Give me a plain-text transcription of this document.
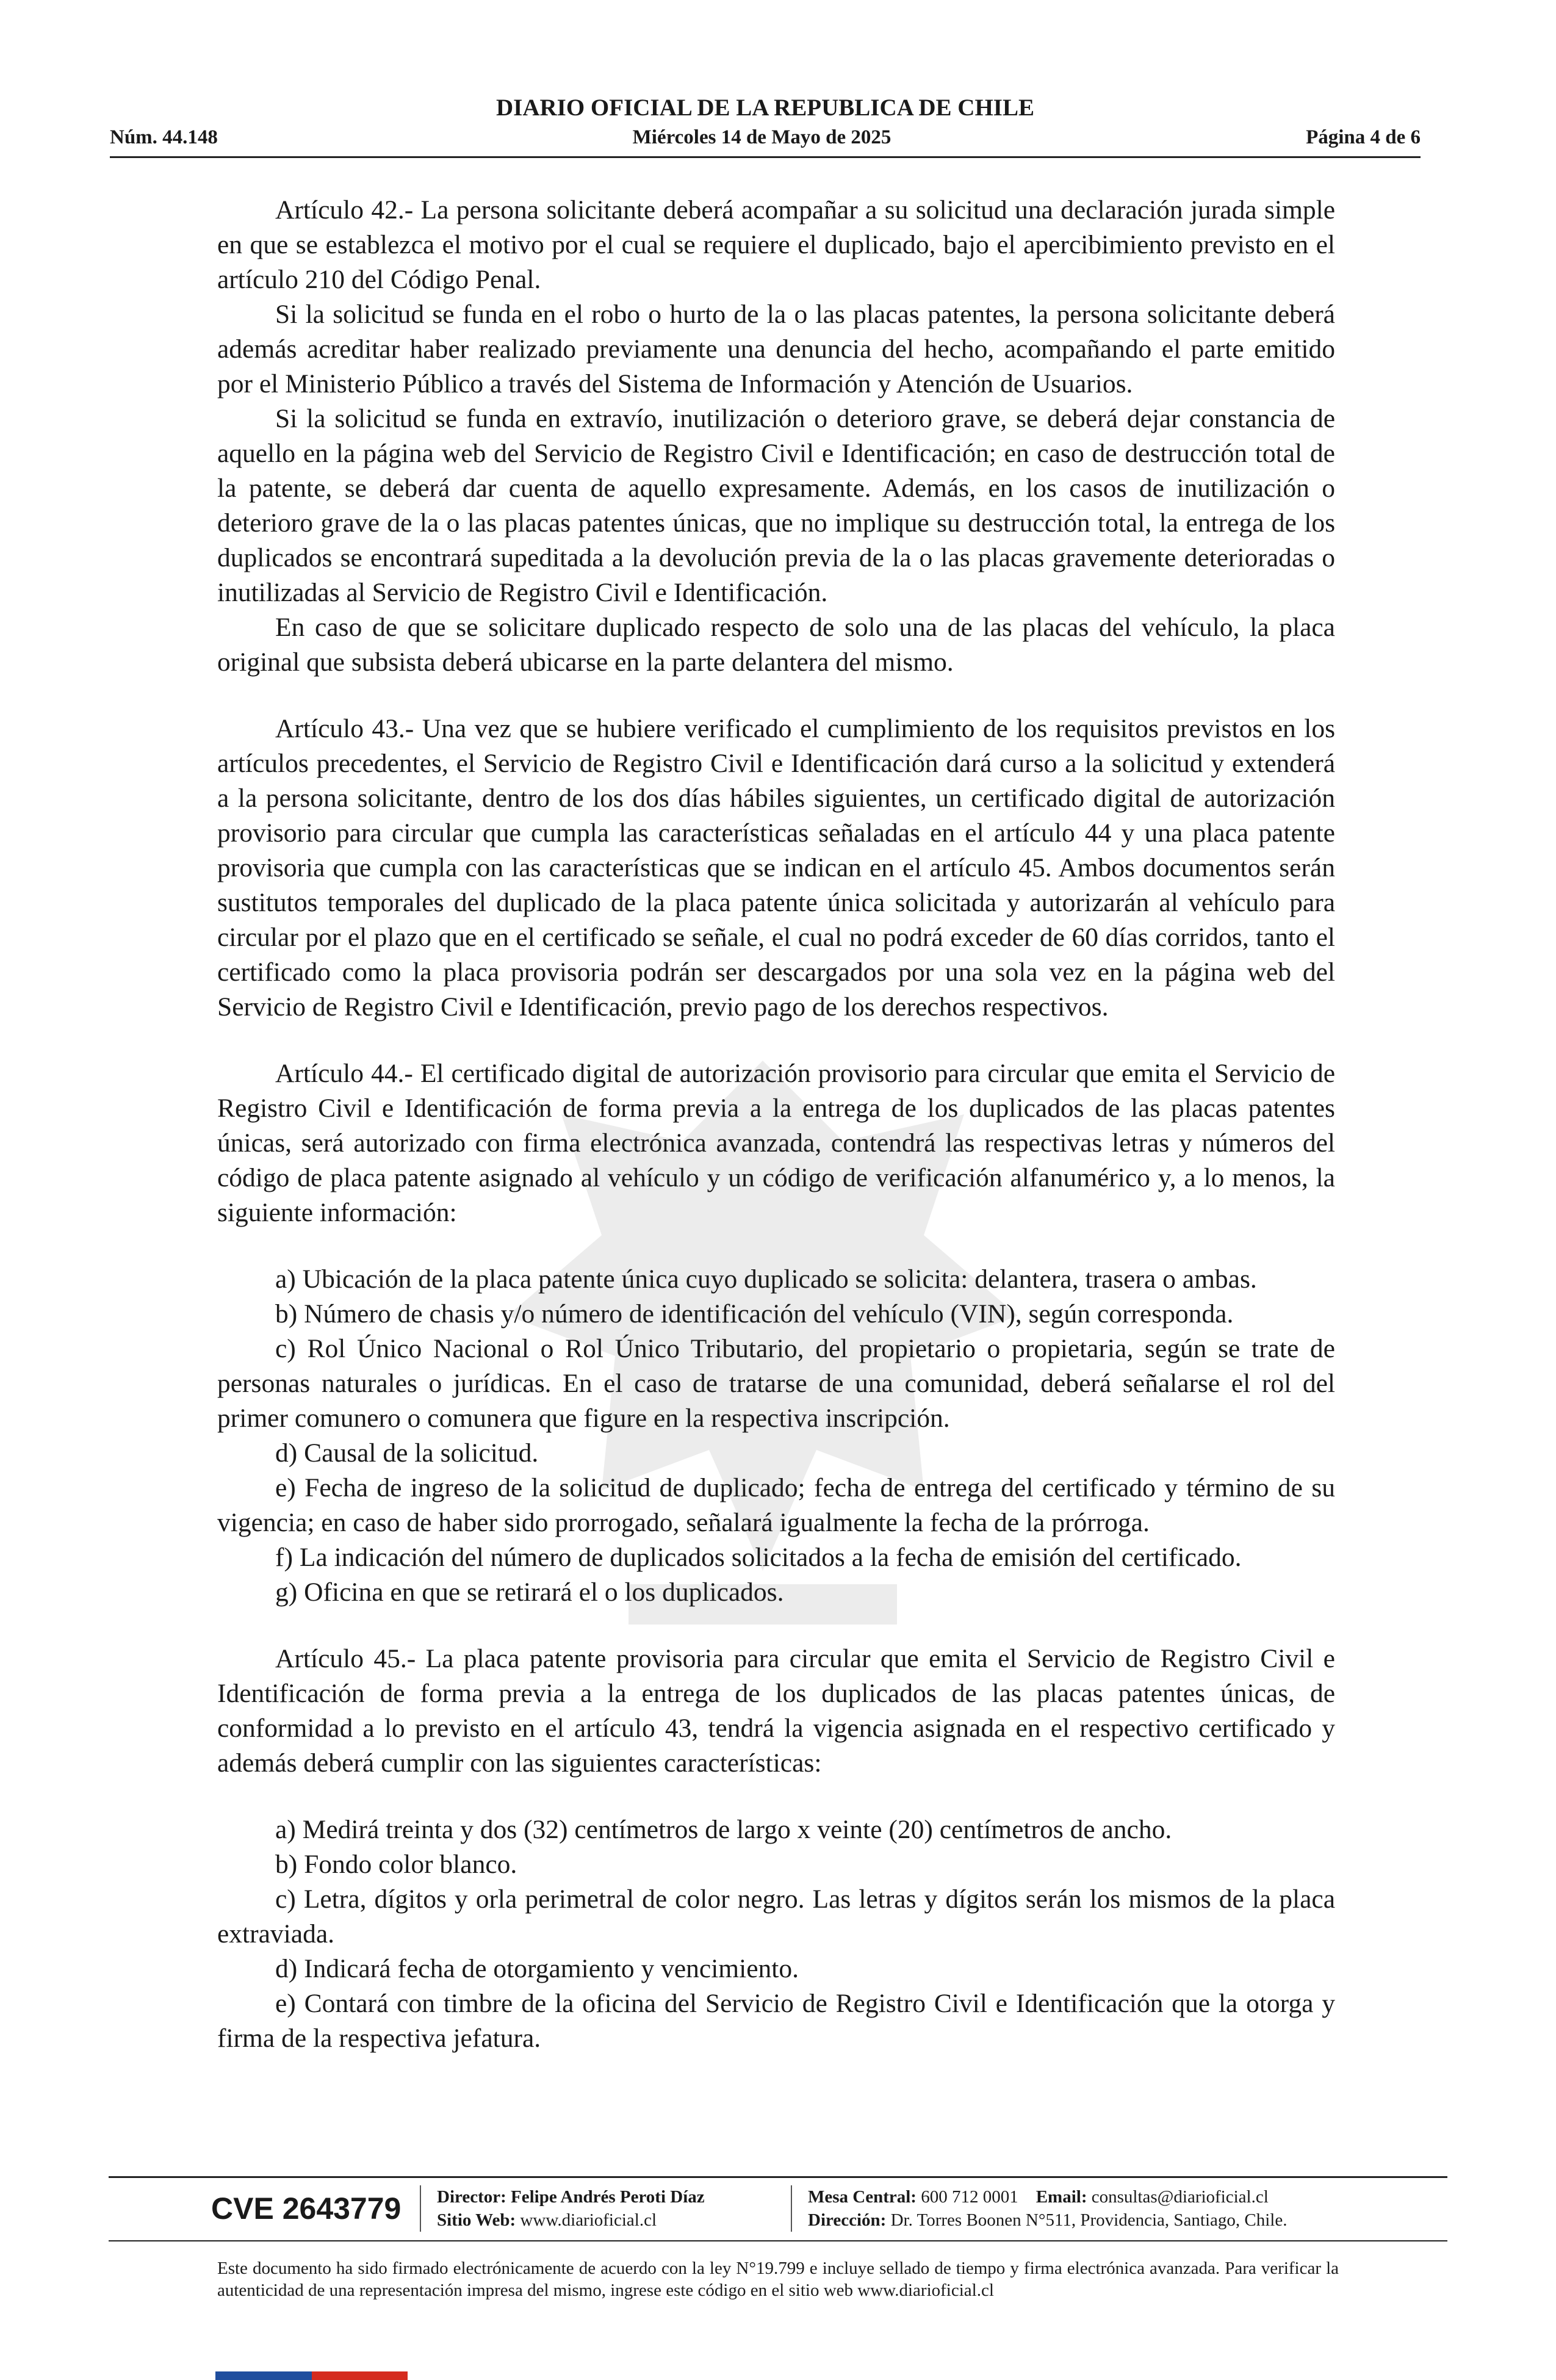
DIARIO OFICIAL DE LA REPUBLICA DE CHILE
Núm. 44.148	Miércoles 14 de Mayo de 2025	Página 4 de 6

Artículo 42.- La persona solicitante deberá acompañar a su solicitud una declaración jurada simple en que se establezca el motivo por el cual se requiere el duplicado, bajo el apercibimiento previsto en el artículo 210 del Código Penal.

Si la solicitud se funda en el robo o hurto de la o las placas patentes, la persona solicitante deberá además acreditar haber realizado previamente una denuncia del hecho, acompañando el parte emitido por el Ministerio Público a través del Sistema de Información y Atención de Usuarios.

Si la solicitud se funda en extravío, inutilización o deterioro grave, se deberá dejar constancia de aquello en la página web del Servicio de Registro Civil e Identificación; en caso de destrucción total de la patente, se deberá dar cuenta de aquello expresamente. Además, en los casos de inutilización o deterioro grave de la o las placas patentes únicas, que no implique su destrucción total, la entrega de los duplicados se encontrará supeditada a la devolución previa de la o las placas gravemente deterioradas o inutilizadas al Servicio de Registro Civil e Identificación.

En caso de que se solicitare duplicado respecto de solo una de las placas del vehículo, la placa original que subsista deberá ubicarse en la parte delantera del mismo.

Artículo 43.- Una vez que se hubiere verificado el cumplimiento de los requisitos previstos en los artículos precedentes, el Servicio de Registro Civil e Identificación dará curso a la solicitud y extenderá a la persona solicitante, dentro de los dos días hábiles siguientes, un certificado digital de autorización provisorio para circular que cumpla las características señaladas en el artículo 44 y una placa patente provisoria que cumpla con las características que se indican en el artículo 45. Ambos documentos serán sustitutos temporales del duplicado de la placa patente única solicitada y autorizarán al vehículo para circular por el plazo que en el certificado se señale, el cual no podrá exceder de 60 días corridos, tanto el certificado como la placa provisoria podrán ser descargados por una sola vez en la página web del Servicio de Registro Civil e Identificación, previo pago de los derechos respectivos.

Artículo 44.- El certificado digital de autorización provisorio para circular que emita el Servicio de Registro Civil e Identificación de forma previa a la entrega de los duplicados de las placas patentes únicas, será autorizado con firma electrónica avanzada, contendrá las respectivas letras y números del código de placa patente asignado al vehículo y un código de verificación alfanumérico y, a lo menos, la siguiente información:

a) Ubicación de la placa patente única cuyo duplicado se solicita: delantera, trasera o ambas.

b) Número de chasis y/o número de identificación del vehículo (VIN), según corresponda.

c) Rol Único Nacional o Rol Único Tributario, del propietario o propietaria, según se trate de personas naturales o jurídicas. En el caso de tratarse de una comunidad, deberá señalarse el rol del primer comunero o comunera que figure en la respectiva inscripción.

d) Causal de la solicitud.

e) Fecha de ingreso de la solicitud de duplicado; fecha de entrega del certificado y término de su vigencia; en caso de haber sido prorrogado, señalará igualmente la fecha de la prórroga.

f) La indicación del número de duplicados solicitados a la fecha de emisión del certificado.

g) Oficina en que se retirará el o los duplicados.

Artículo 45.- La placa patente provisoria para circular que emita el Servicio de Registro Civil e Identificación de forma previa a la entrega de los duplicados de las placas patentes únicas, de conformidad a lo previsto en el artículo 43, tendrá la vigencia asignada en el respectivo certificado y además deberá cumplir con las siguientes características:

a) Medirá treinta y dos (32) centímetros de largo x veinte (20) centímetros de ancho.

b) Fondo color blanco.

c) Letra, dígitos y orla perimetral de color negro. Las letras y dígitos serán los mismos de la placa extraviada.

d) Indicará fecha de otorgamiento y vencimiento.

e) Contará con timbre de la oficina del Servicio de Registro Civil e Identificación que la otorga y firma de la respectiva jefatura.

CVE 2643779	Director: Felipe Andrés Peroti Díaz
Sitio Web: www.diarioficial.cl
Mesa Central: 600 712 0001 Email: consultas@diarioficial.cl
Dirección: Dr. Torres Boonen N°511, Providencia, Santiago, Chile.
Este documento ha sido firmado electrónicamente de acuerdo con la ley N°19.799 e incluye sellado de tiempo y firma electrónica avanzada. Para verificar la autenticidad de una representación impresa del mismo, ingrese este código en el sitio web www.diarioficial.cl
